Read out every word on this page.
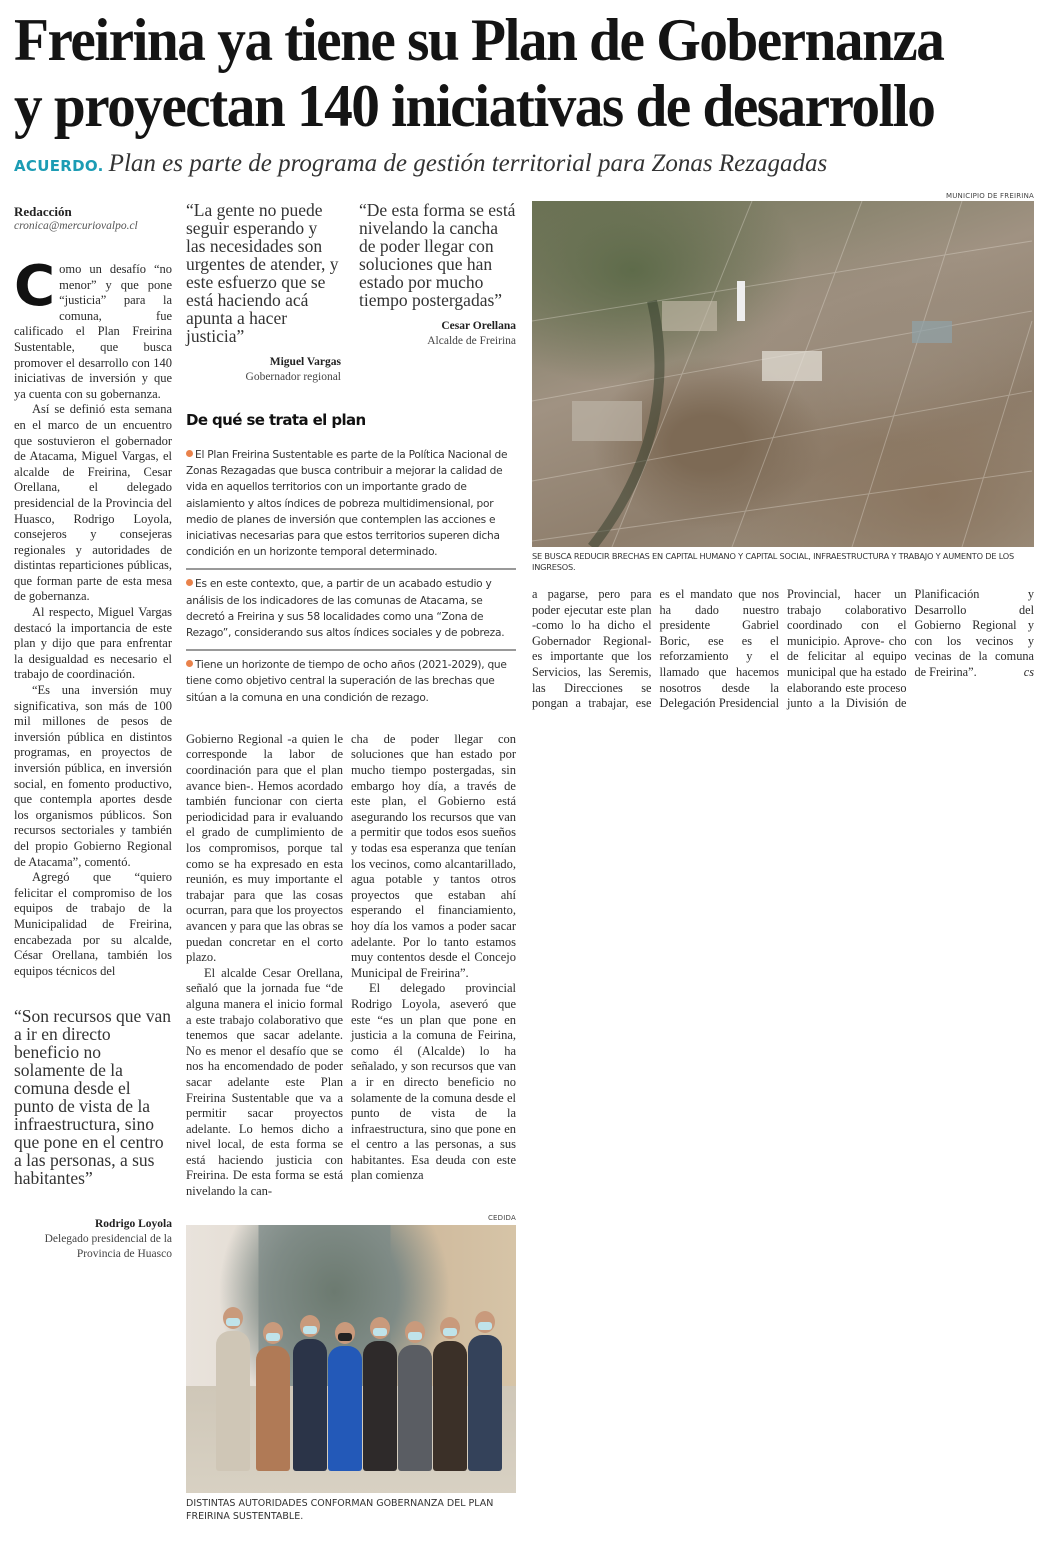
Freirina ya tiene su Plan de Gobernanza
y proyectan 140 iniciativas de desarrollo
ACUERDO. Plan es parte de programa de gestión territorial para Zonas Rezagadas
Redacción
cronica@mercuriovalpo.cl

Como un desafío “no menor” y que pone “justicia” para la comuna, fue calificado el Plan Freirina Sustentable, que busca promover el desarrollo con 140 iniciativas de inversión y que ya cuenta con su gobernanza.

Así se definió esta semana en el marco de un encuentro que sostuvieron el gobernador de Atacama, Miguel Vargas, el alcalde de Freirina, Cesar Orellana, el delegado presidencial de la Provincia del Huasco, Rodrigo Loyola, consejeros y consejeras regionales y autoridades de distintas reparticiones públicas, que forman parte de esta mesa de gobernanza.

Al respecto, Miguel Vargas destacó la importancia de este plan y dijo que para enfrentar la desigualdad es necesario el trabajo de coordinación.

“Es una inversión muy significativa, son más de 100 mil millones de pesos de inversión pública en distintos programas, en proyectos de inversión pública, en inversión social, en fomento productivo, que contempla aportes desde los organismos públicos. Son recursos sectoriales y también del propio Gobierno Regional de Atacama”, comentó.

Agregó que “quiero felicitar el compromiso de los equipos de trabajo de la Municipalidad de Freirina, encabezada por su alcalde, César Orellana, también los equipos técnicos del

“Son recursos que van a ir en directo beneficio no solamente de la comuna desde el punto de vista de la infraestructura, sino que pone en el centro a las personas, a sus habitantes”
Rodrigo Loyola
Delegado presidencial de la Provincia de Huasco
“La gente no puede seguir esperando y las necesidades son urgentes de atender, y este esfuerzo que se está haciendo acá apunta a hacer justicia”
Miguel Vargas
Gobernador regional
“De esta forma se está nivelando la cancha de poder llegar con soluciones que han estado por mucho tiempo postergadas”
Cesar Orellana
Alcalde de Freirina
De qué se trata el plan
El Plan Freirina Sustentable es parte de la Política Nacional de Zonas Rezagadas que busca contribuir a mejorar la calidad de vida en aquellos territorios con un importante grado de aislamiento y altos índices de pobreza multidimensional, por medio de planes de inversión que contemplen las acciones e iniciativas necesarias para que estos territorios superen dicha condición en un horizonte temporal determinado.
Es en este contexto, que, a partir de un acabado estudio y análisis de los indicadores de las comunas de Atacama, se decretó a Freirina y sus 58 localidades como una “Zona de Rezago”, considerando sus altos índices sociales y de pobreza.
Tiene un horizonte de tiempo de ocho años (2021-2029), que tiene como objetivo central la superación de las brechas que sitúan a la comuna en una condición de rezago.

Gobierno Regional -a quien le corresponde la labor de coordinación para que el plan avance bien-. Hemos acordado también funcionar con cierta periodicidad para ir evaluando el grado de cumplimiento de los compromisos, porque tal como se ha expresado en esta reunión, es muy importante el trabajar para que las cosas ocurran, para que los proyectos avancen y para que las obras se puedan concretar en el corto plazo.

El alcalde Cesar Orellana, señaló que la jornada fue “de alguna manera el inicio formal a este trabajo colaborativo que tenemos que sacar adelante. No es menor el desafío que se nos ha encomendado de poder sacar adelante este Plan Freirina Sustentable que va a permitir sacar proyectos adelante. Lo hemos dicho a nivel local, de esta forma se está haciendo justicia con Freirina. De esta forma se está nivelando la can-

cha de poder llegar con soluciones que han estado por mucho tiempo postergadas, sin embargo hoy día, a través de este plan, el Gobierno está asegurando los recursos que van a permitir que todos esos sueños y todas esa esperanza que tenían los vecinos, como alcantarillado, agua potable y tantos otros proyectos que estaban ahí esperando el financiamiento, hoy día los vamos a poder sacar adelante. Por lo tanto estamos muy contentos desde el Concejo Municipal de Freirina”.

El delegado provincial Rodrigo Loyola, aseveró que este “es un plan que pone en justicia a la comuna de Feirina, como él (Alcalde) lo ha señalado, y son recursos que van a ir en directo beneficio no solamente de la comuna desde el punto de vista de la infraestructura, sino que pone en el centro a las personas, a sus habitantes. Esa deuda con este plan comienza

CEDIDA
DISTINTAS AUTORIDADES CONFORMAN GOBERNANZA DEL PLAN FREIRINA SUSTENTABLE.
MUNICIPIO DE FREIRINA
SE BUSCA REDUCIR BRECHAS EN CAPITAL HUMANO Y CAPITAL SOCIAL, INFRAESTRUCTURA Y TRABAJO Y AUMENTO DE LOS INGRESOS.

a pagarse, pero para poder ejecutar este plan -como lo ha dicho el Gobernador Regional- es importante que los Servicios, las Seremis, las Direcciones se pongan a trabajar, ese es el mandato que nos ha dado nuestro presidente Gabriel Boric, ese es el reforzamiento y el llamado que hacemos nosotros desde la Delegación Presidencial Provincial, hacer un trabajo colaborativo coordinado con el municipio. Aprove- cho de felicitar al equipo municipal que ha estado elaborando este proceso junto a la División de Planificación y Desarrollo del Gobierno Regional y con los vecinos y vecinas de la comuna de Freirina”.	cs
